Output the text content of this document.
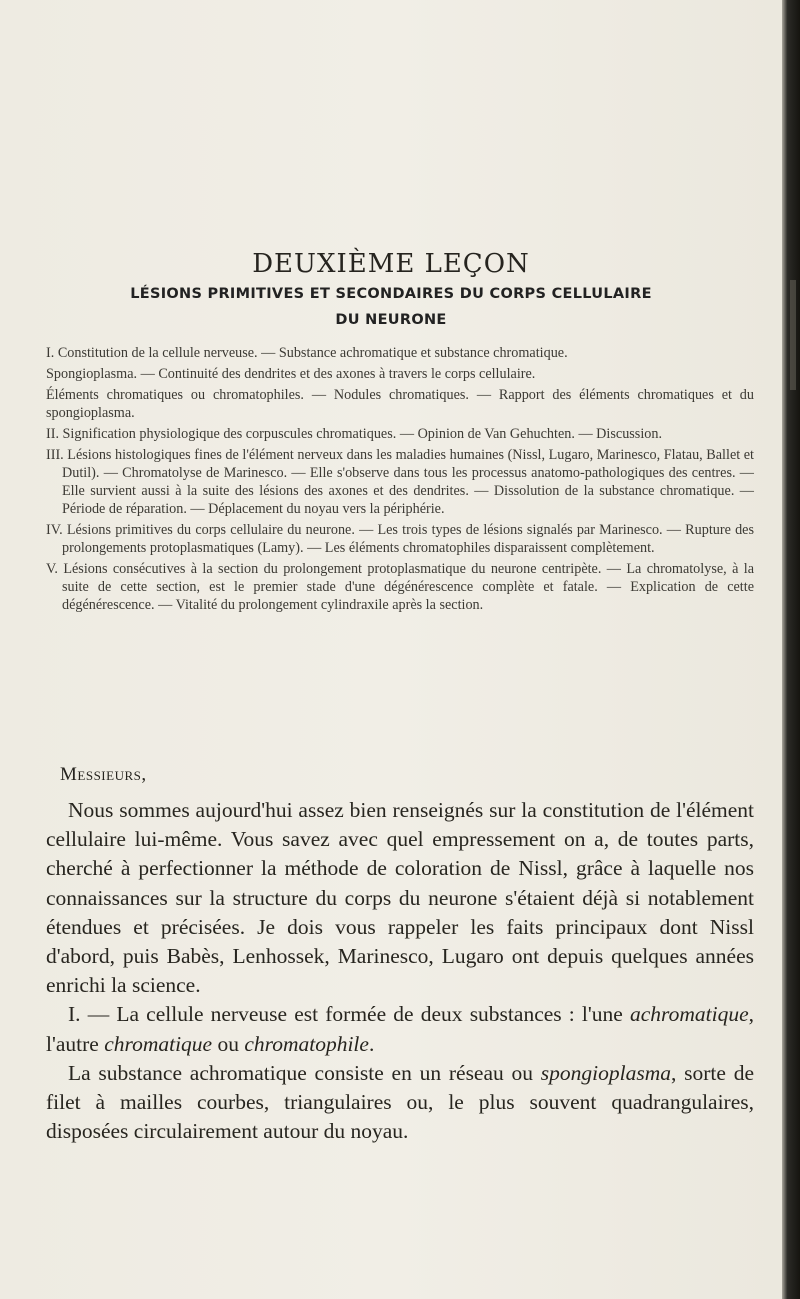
DEUXIÈME LEÇON
LÉSIONS PRIMITIVES ET SECONDAIRES DU CORPS CELLULAIRE
DU NEURONE

I. Constitution de la cellule nerveuse. — Substance achromatique et substance chromatique.

Spongioplasma. — Continuité des dendrites et des axones à travers le corps cellulaire.

Éléments chromatiques ou chromatophiles. — Nodules chromatiques. — Rapport des éléments chromatiques et du spongioplasma.

II. Signification physiologique des corpuscules chromatiques. — Opinion de Van Gehuchten. — Discussion.

III. Lésions histologiques fines de l'élément nerveux dans les maladies humaines (Nissl, Lugaro, Marinesco, Flatau, Ballet et Dutil). — Chromatolyse de Marinesco. — Elle s'observe dans tous les processus anatomo-pathologiques des centres. — Elle survient aussi à la suite des lésions des axones et des dendrites. — Dissolution de la substance chromatique. — Période de réparation. — Déplacement du noyau vers la périphérie.

IV. Lésions primitives du corps cellulaire du neurone. — Les trois types de lésions signalés par Marinesco. — Rupture des prolongements protoplasmatiques (Lamy). — Les éléments chromatophiles disparaissent complètement.

V. Lésions consécutives à la section du prolongement protoplasmatique du neurone centripète. — La chromatolyse, à la suite de cette section, est le premier stade d'une dégénérescence complète et fatale. — Explication de cette dégénérescence. — Vitalité du prolongement cylindraxile après la section.

Messieurs,

Nous sommes aujourd'hui assez bien renseignés sur la constitution de l'élément cellulaire lui-même. Vous savez avec quel empressement on a, de toutes parts, cherché à perfectionner la méthode de coloration de Nissl, grâce à laquelle nos connaissances sur la structure du corps du neurone s'étaient déjà si notablement étendues et précisées. Je dois vous rappeler les faits principaux dont Nissl d'abord, puis Babès, Lenhossek, Marinesco, Lugaro ont depuis quelques années enrichi la science.

I. — La cellule nerveuse est formée de deux substances : l'une achromatique, l'autre chromatique ou chromatophile.

La substance achromatique consiste en un réseau ou spongioplasma, sorte de filet à mailles courbes, triangulaires ou, le plus souvent quadrangulaires, disposées circulairement autour du noyau.
